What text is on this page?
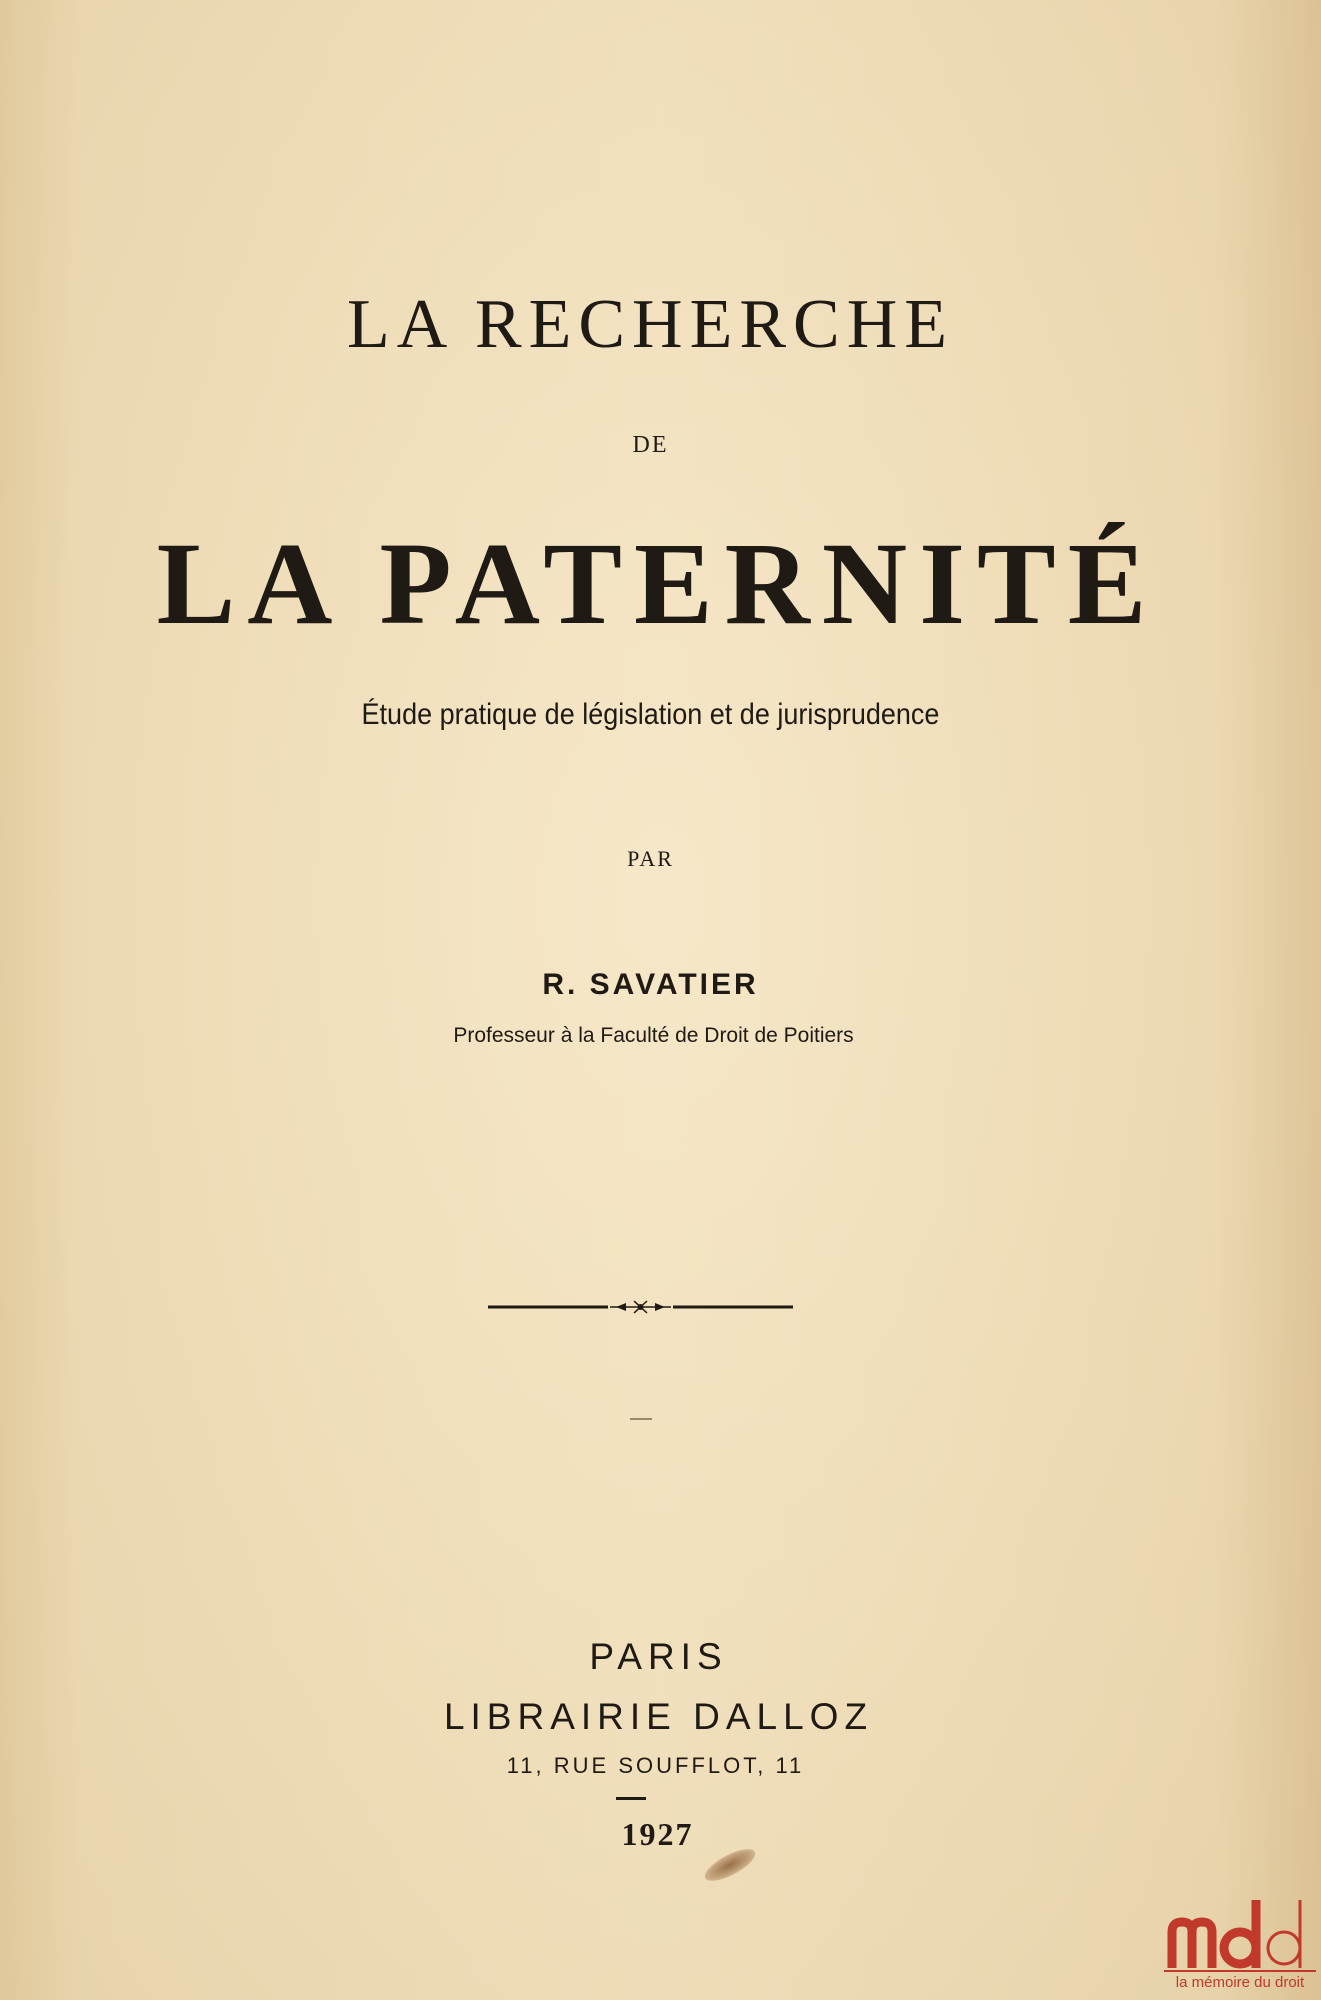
LA RECHERCHE
DE
LA PATERNITÉ
Étude pratique de législation et de jurisprudence
PAR
R. SAVATIER
Professeur à la Faculté de Droit de Poitiers
PARIS
LIBRAIRIE DALLOZ
11, RUE SOUFFLOT, 11
1927
la mémoire du droit
